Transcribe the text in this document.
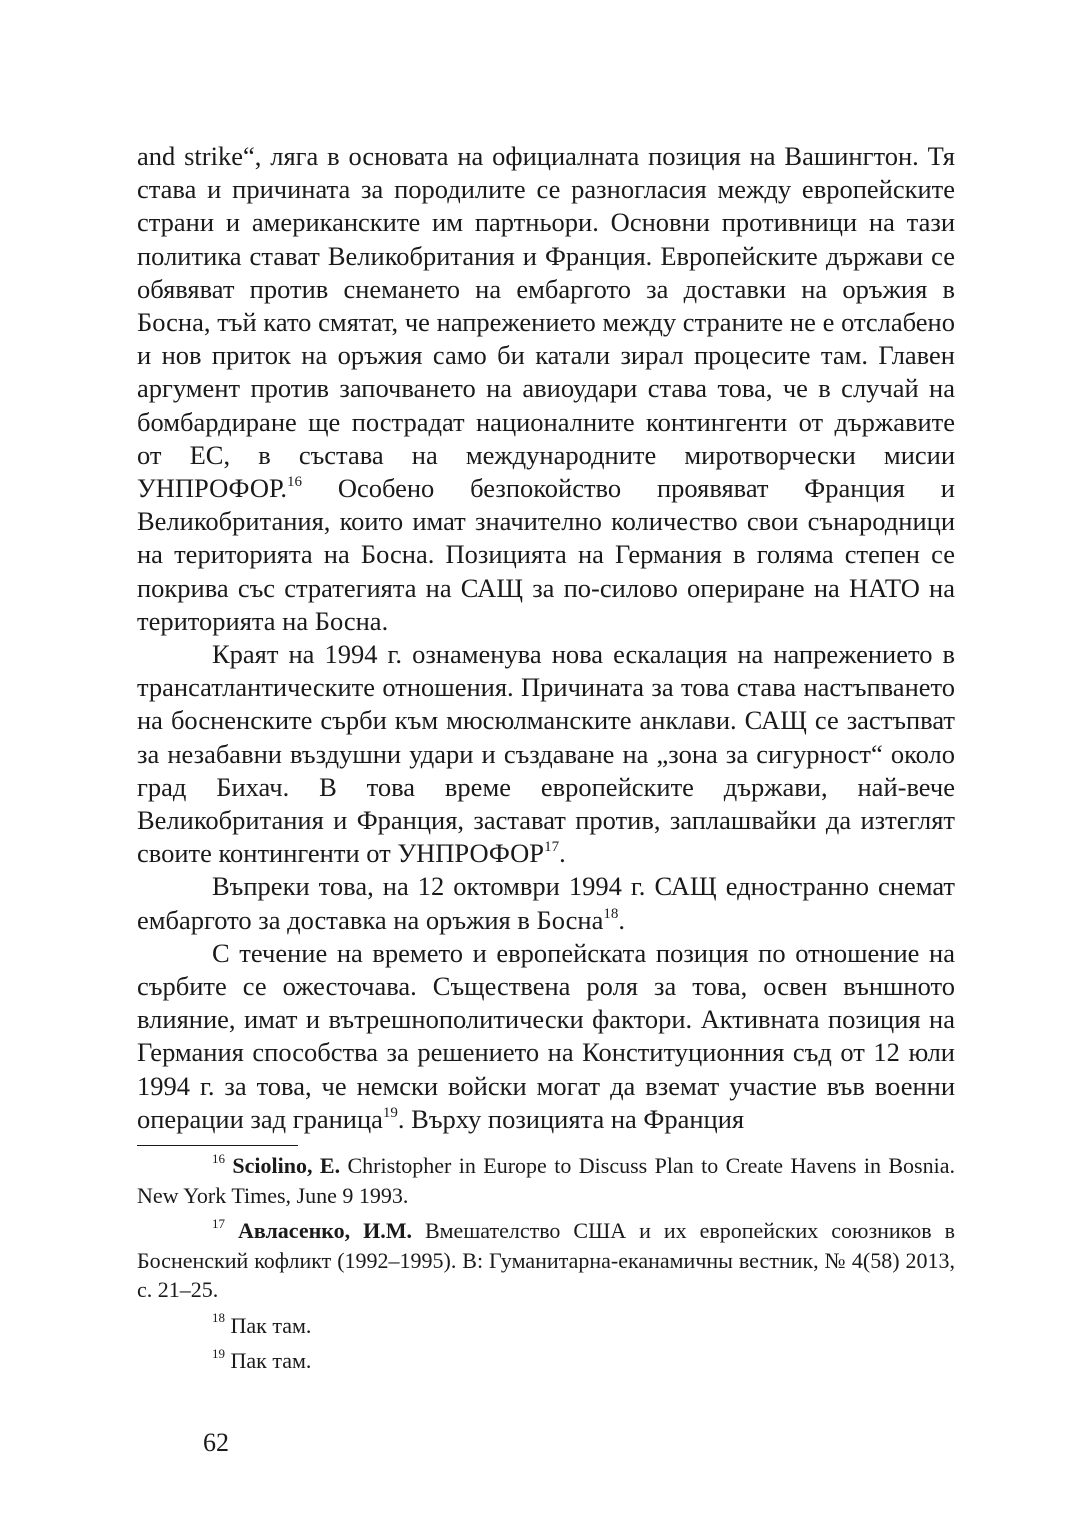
and strike“, ляга в основата на официалната позиция на Вашингтон. Тя става и причината за породилите се разногласия между европейските страни и американските им партньори. Основни противници на тази политика стават Великобритания и Франция. Европейските държави се обявяват против снемането на ембаргото за доставки на оръжия в Босна, тъй като смятат, че напрежението между страните не е отслабено и нов приток на оръжия само би катали зирал процесите там. Главен аргумент против започването на авиоудари става това, че в случай на бомбардиране ще пострадат националните контингенти от държавите от ЕС, в състава на международните миротворчески мисии УНПРОФОР.$^{16}$ Особено безпокойство проявяват Франция и Великобритания, които имат значително количество свои сънародници на територията на Босна. Позицията на Германия в голяма степен се покрива със стратегията на САЩ за по-силово опериране на НАТО на територията на Босна.

Краят на 1994 г. ознаменува нова ескалация на напрежението в трансатлантическите отношения. Причината за това става настъпването на босненските сърби към мюсюлманските анклави. САЩ се застъпват за незабавни въздушни удари и създаване на „зона за сигурност“ около град Бихач. В това време европейските държави, най-вече Великобритания и Франция, застават против, заплашвайки да изтеглят своите контингенти от УНПРОФОР$^{17}$.

Въпреки това, на 12 октомври 1994 г. САЩ едностранно снемат ембаргото за доставка на оръжия в Босна$^{18}$.

С течение на времето и европейската позиция по отношение на сърбите се ожесточава. Съществена роля за това, освен външното влияние, имат и вътрешнополитически фактори. Активната позиция на Германия способства за решението на Конституционния съд от 12 юли 1994 г. за това, че немски войски могат да вземат участие във военни операции зад граница$^{19}$. Върху позицията на Франция

$^{16}$ Sciolino, E. Christopher in Europe to Discuss Plan to Create Havens in Bosnia. New York Times, June 9 1993.

$^{17}$ Авласенко, И.М. Вмешателство США и их европейских союзников в Босненский кофликт (1992–1995). В: Гуманитарна-еканамичны вестник, № 4(58) 2013, с. 21–25.

$^{18}$ Пак там.

$^{19}$ Пак там.

62
